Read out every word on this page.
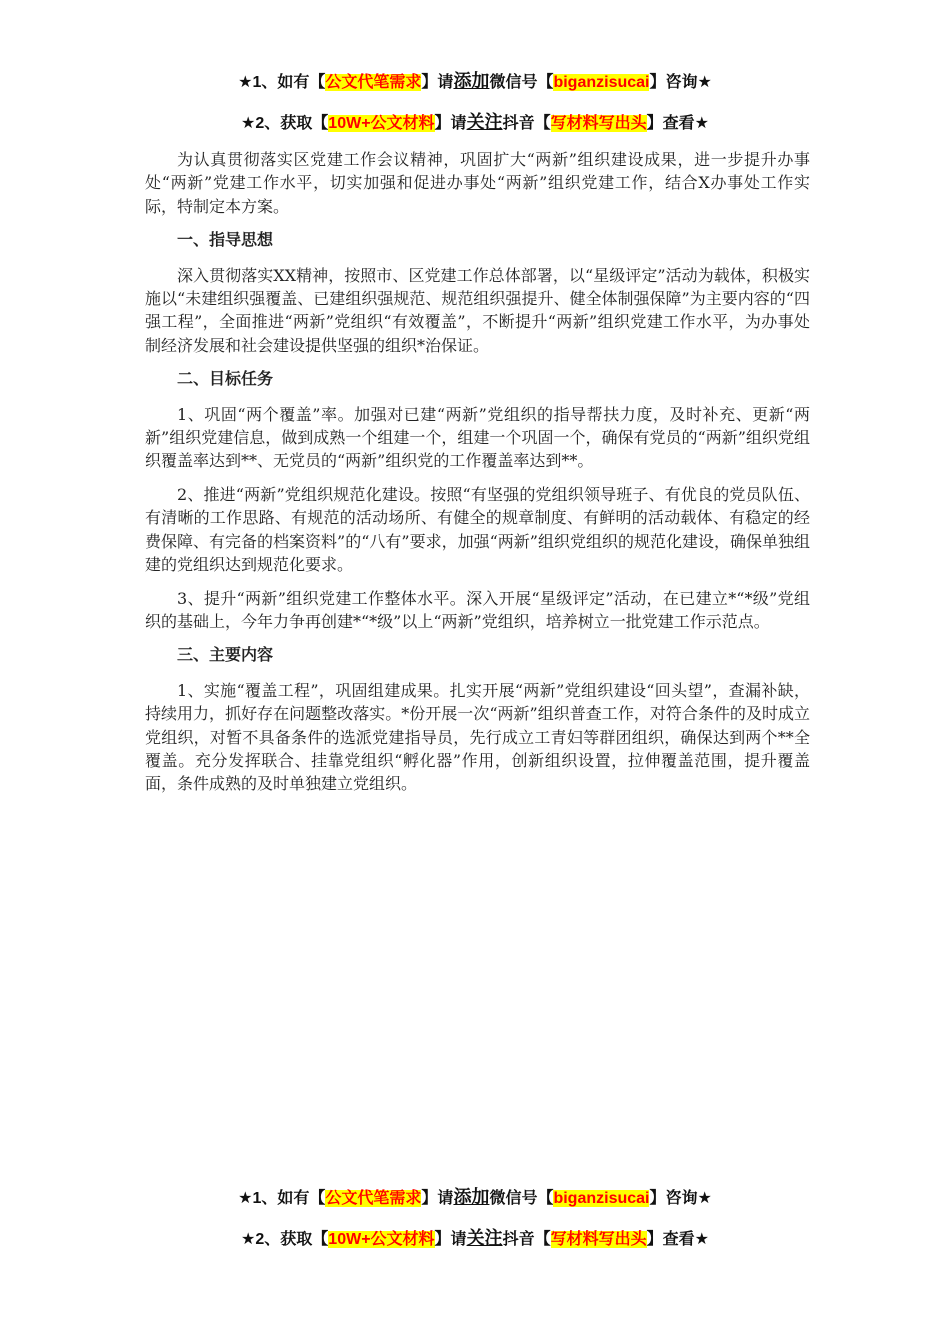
★1、如有【公文代笔需求】请添加微信号【biganzisucai】咨询★
★2、获取【10W+公文材料】请关注抖音【写材料写出头】查看★

为认真贯彻落实区党建工作会议精神，巩固扩大“两新”组织建设成果，进一步提升办事处“两新”党建工作水平，切实加强和促进办事处“两新”组织党建工作，结合X办事处工作实际，特制定本方案。

一、指导思想

深入贯彻落实XX精神，按照市、区党建工作总体部署，以“星级评定”活动为载体，积极实施以“未建组织强覆盖、已建组织强规范、规范组织强提升、健全体制强保障”为主要内容的“四强工程”，全面推进“两新”党组织“有效覆盖”，不断提升“两新”组织党建工作水平，为办事处制经济发展和社会建设提供坚强的组织*治保证。

二、目标任务

1、巩固“两个覆盖”率。加强对已建“两新”党组织的指导帮扶力度，及时补充、更新“两新”组织党建信息，做到成熟一个组建一个，组建一个巩固一个，确保有党员的“两新”组织党组织覆盖率达到**、无党员的“两新”组织党的工作覆盖率达到**。

2、推进“两新”党组织规范化建设。按照“有坚强的党组织领导班子、有优良的党员队伍、有清晰的工作思路、有规范的活动场所、有健全的规章制度、有鲜明的活动载体、有稳定的经费保障、有完备的档案资料”的“八有”要求，加强“两新”组织党组织的规范化建设，确保单独组建的党组织达到规范化要求。

3、提升“两新”组织党建工作整体水平。深入开展“星级评定”活动，在已建立*“*级”党组织的基础上，今年力争再创建*“*级”以上“两新”党组织，培养树立一批党建工作示范点。

三、主要内容

1、实施“覆盖工程”，巩固组建成果。扎实开展“两新”党组织建设“回头望”，查漏补缺，持续用力，抓好存在问题整改落实。*份开展一次“两新”组织普查工作，对符合条件的及时成立党组织，对暂不具备条件的选派党建指导员，先行成立工青妇等群团组织，确保达到两个**全覆盖。充分发挥联合、挂靠党组织“孵化器”作用，创新组织设置，拉伸覆盖范围，提升覆盖面，条件成熟的及时单独建立党组织。

★1、如有【公文代笔需求】请添加微信号【biganzisucai】咨询★
★2、获取【10W+公文材料】请关注抖音【写材料写出头】查看★
